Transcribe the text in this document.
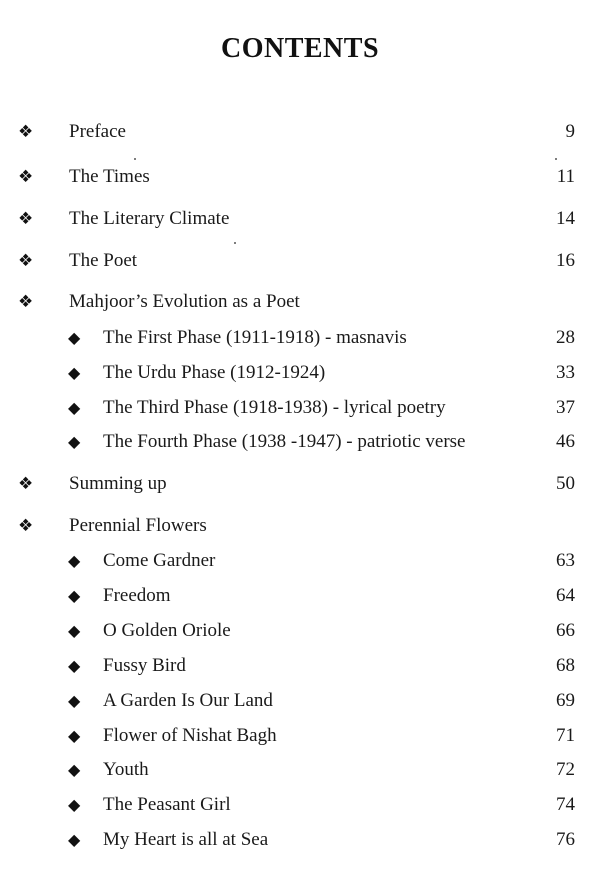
CONTENTS
❖ Preface	9
❖ The Times	11
❖ The Literary Climate	14
❖ The Poet	16
❖ Mahjoor’s Evolution as a Poet
◆ The First Phase (1911-1918) - masnavis	28
◆ The Urdu Phase (1912-1924)	33
◆ The Third Phase (1918-1938) - lyrical poetry	37
◆ The Fourth Phase (1938 -1947) - patriotic verse	46
❖ Summing up	50
❖ Perennial Flowers
◆ Come Gardner	63
◆ Freedom	64
◆ O Golden Oriole	66
◆ Fussy Bird	68
◆ A Garden Is Our Land	69
◆ Flower of Nishat Bagh	71
◆ Youth	72
◆ The Peasant Girl	74
◆ My Heart is all at Sea	76
